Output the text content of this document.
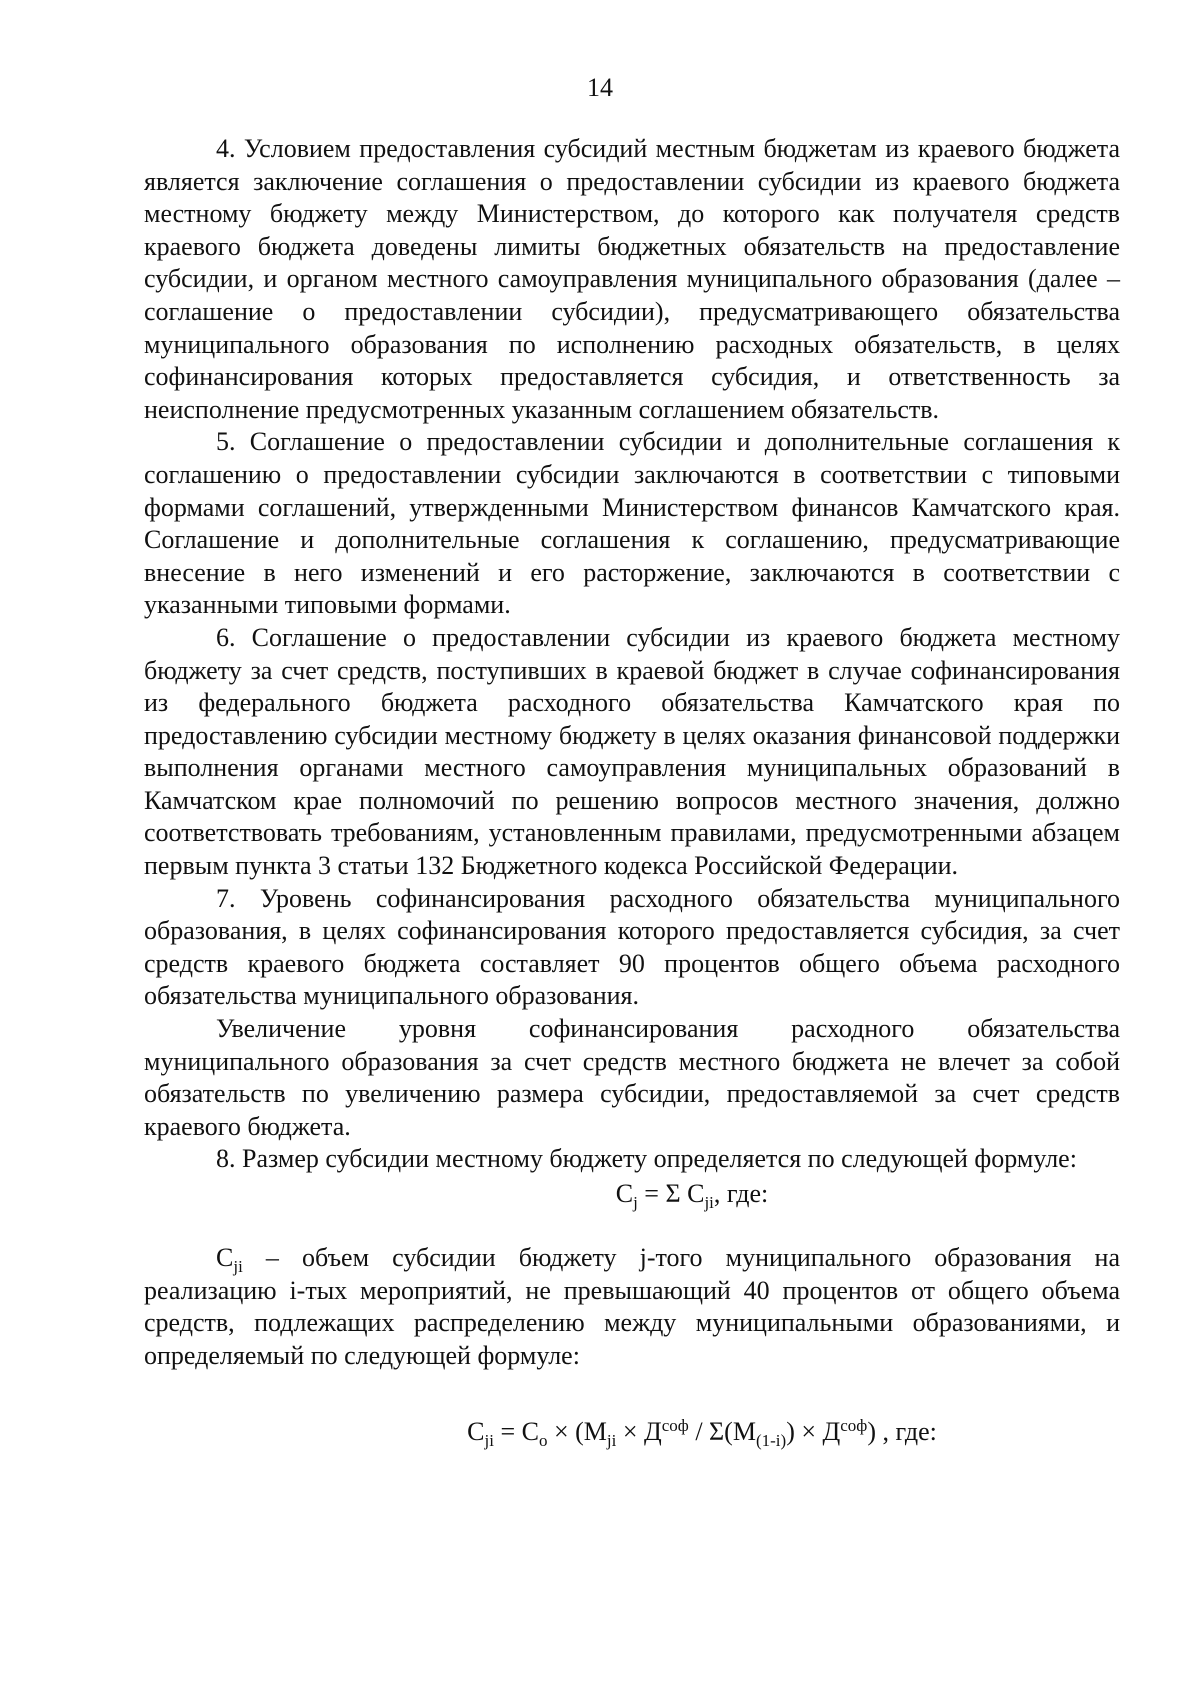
14

4. Условием предоставления субсидий местным бюджетам из краевого бюджета является заключение соглашения о предоставлении субсидии из краевого бюджета местному бюджету между Министерством, до которого как получателя средств краевого бюджета доведены лимиты бюджетных обязательств на предоставление субсидии, и органом местного самоуправления муниципального образования (далее – соглашение о предоставлении субсидии), предусматривающего обязательства муниципального образования по исполнению расходных обязательств, в целях софинансирования которых предоставляется субсидия, и ответственность за неисполнение предусмотренных указанным соглашением обязательств.

5. Соглашение о предоставлении субсидии и дополнительные соглашения к соглашению о предоставлении субсидии заключаются в соответствии с типовыми формами соглашений, утвержденными Министерством финансов Камчатского края. Соглашение и дополнительные соглашения к соглашению, предусматривающие внесение в него изменений и его расторжение, заключаются в соответствии с указанными типовыми формами.

6. Соглашение о предоставлении субсидии из краевого бюджета местному бюджету за счет средств, поступивших в краевой бюджет в случае софинансирования из федерального бюджета расходного обязательства Камчатского края по предоставлению субсидии местному бюджету в целях оказания финансовой поддержки выполнения органами местного самоуправления муниципальных образований в Камчатском крае полномочий по решению вопросов местного значения, должно соответствовать требованиям, установленным правилами, предусмотренными абзацем первым пункта 3 статьи 132 Бюджетного кодекса Российской Федерации.

7. Уровень софинансирования расходного обязательства муниципального образования, в целях софинансирования которого предоставляется субсидия, за счет средств краевого бюджета составляет 90 процентов общего объема расходного обязательства муниципального образования.

Увеличение уровня софинансирования расходного обязательства муниципального образования за счет средств местного бюджета не влечет за собой обязательств по увеличению размера субсидии, предоставляемой за счет средств краевого бюджета.

8. Размер субсидии местному бюджету определяется по следующей формуле:

$C_j = \Sigma$ $C_{ji}$, где:

$C_{ji}$ – объем субсидии бюджету j-того муниципального образования на реализацию i-тых мероприятий, не превышающий 40 процентов от общего объема средств, подлежащих распределению между муниципальными образованиями, и определяемый по следующей формуле:

$C_{ji} = C_o \times (M_{ji} \times Д^{соф} / \Sigma(M_{(1-i)}) \times Д^{соф})$ , где:
